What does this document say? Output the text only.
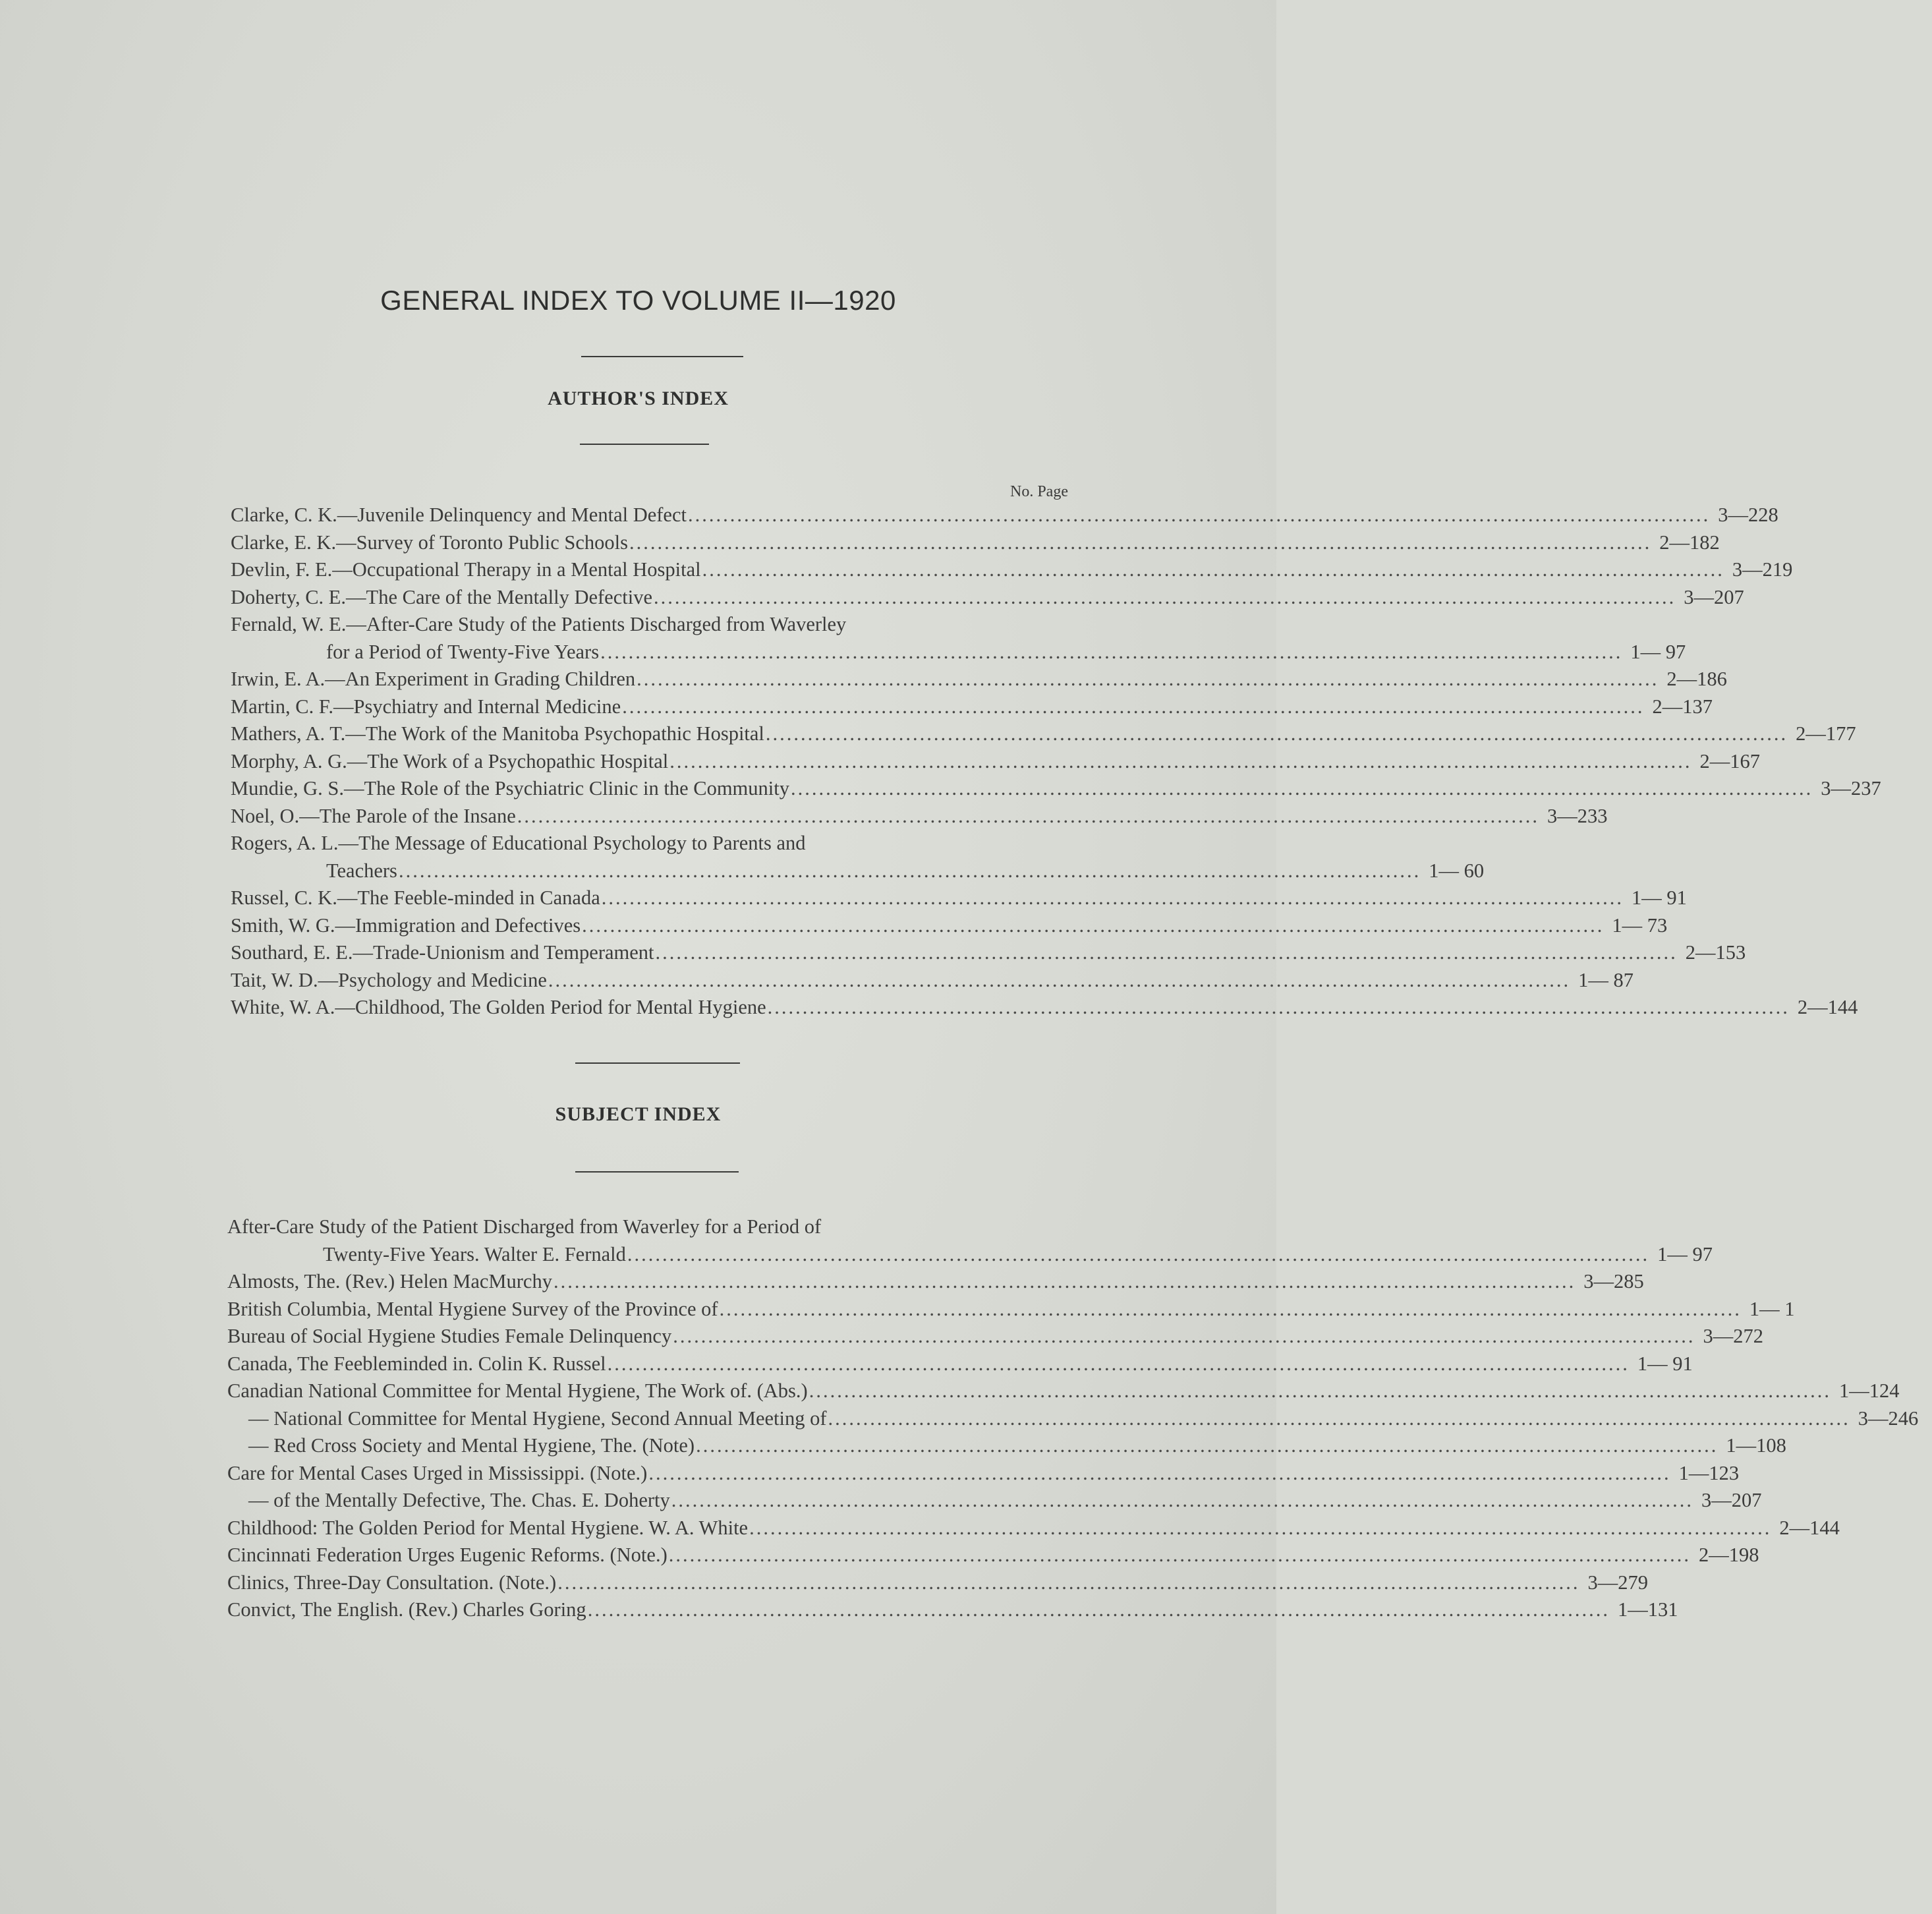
GENERAL INDEX TO VOLUME II—1920
AUTHOR'S INDEX
No. Page
Clarke, C. K.—Juvenile Delinquency and Mental Defect .................................................................................................................................................. 3—228
Clarke, E. K.—Survey of Toronto Public Schools .................................................................................................................................................. 2—182
Devlin, F. E.—Occupational Therapy in a Mental Hospital .................................................................................................................................................. 3—219
Doherty, C. E.—The Care of the Mentally Defective .................................................................................................................................................. 3—207
Fernald, W. E.—After-Care Study of the Patients Discharged from Waverley
for a Period of Twenty-Five Years .................................................................................................................................................. 1— 97
Irwin, E. A.—An Experiment in Grading Children .................................................................................................................................................. 2—186
Martin, C. F.—Psychiatry and Internal Medicine .................................................................................................................................................. 2—137
Mathers, A. T.—The Work of the Manitoba Psychopathic Hospital .................................................................................................................................................. 2—177
Morphy, A. G.—The Work of a Psychopathic Hospital .................................................................................................................................................. 2—167
Mundie, G. S.—The Role of the Psychiatric Clinic in the Community .................................................................................................................................................. 3—237
Noel, O.—The Parole of the Insane .................................................................................................................................................. 3—233
Rogers, A. L.—The Message of Educational Psychology to Parents and
Teachers .................................................................................................................................................. 1— 60
Russel, C. K.—The Feeble-minded in Canada .................................................................................................................................................. 1— 91
Smith, W. G.—Immigration and Defectives .................................................................................................................................................. 1— 73
Southard, E. E.—Trade-Unionism and Temperament .................................................................................................................................................. 2—153
Tait, W. D.—Psychology and Medicine .................................................................................................................................................. 1— 87
White, W. A.—Childhood, The Golden Period for Mental Hygiene .................................................................................................................................................. 2—144
SUBJECT INDEX
After-Care Study of the Patient Discharged from Waverley for a Period of
Twenty-Five Years. Walter E. Fernald .................................................................................................................................................. 1— 97
Almosts, The. (Rev.) Helen MacMurchy .................................................................................................................................................. 3—285
British Columbia, Mental Hygiene Survey of the Province of .................................................................................................................................................. 1— 1
Bureau of Social Hygiene Studies Female Delinquency .................................................................................................................................................. 3—272
Canada, The Feebleminded in. Colin K. Russel .................................................................................................................................................. 1— 91
Canadian National Committee for Mental Hygiene, The Work of. (Abs.) .................................................................................................................................................. 1—124
— National Committee for Mental Hygiene, Second Annual Meeting of .................................................................................................................................................. 3—246
— Red Cross Society and Mental Hygiene, The. (Note) .................................................................................................................................................. 1—108
Care for Mental Cases Urged in Mississippi. (Note.) .................................................................................................................................................. 1—123
— of the Mentally Defective, The. Chas. E. Doherty .................................................................................................................................................. 3—207
Childhood: The Golden Period for Mental Hygiene. W. A. White .................................................................................................................................................. 2—144
Cincinnati Federation Urges Eugenic Reforms. (Note.) .................................................................................................................................................. 2—198
Clinics, Three-Day Consultation. (Note.) .................................................................................................................................................. 3—279
Convict, The English. (Rev.) Charles Goring .................................................................................................................................................. 1—131
